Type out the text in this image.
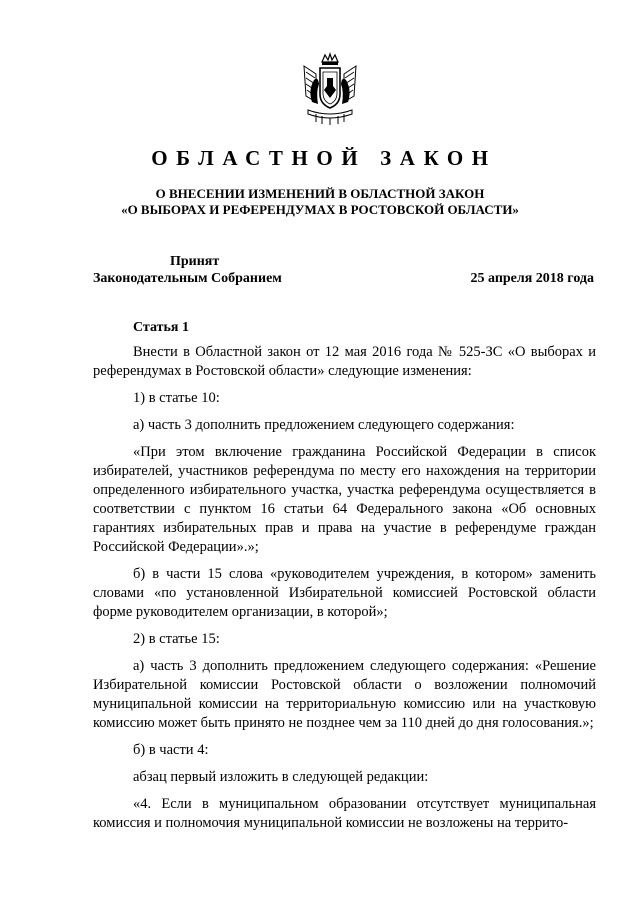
ОБЛАСТНОЙ ЗАКОН
О ВНЕСЕНИИ ИЗМЕНЕНИЙ В ОБЛАСТНОЙ ЗАКОН
«О ВЫБОРАХ И РЕФЕРЕНДУМАХ В РОСТОВСКОЙ ОБЛАСТИ»
Принят
Законодательным Собранием	25 апреля 2018 года
Статья 1

Внести в Областной закон от 12 мая 2016 года № 525-ЗС «О выборах и референдумах в Ростовской области» следующие изменения:

1) в статье 10:

а) часть 3 дополнить предложением следующего содержания:

«При этом включение гражданина Российской Федерации в список избирателей, участников референдума по месту его нахождения на территории определенного избирательного участка, участка референдума осуществляется в соответствии с пунктом 16 статьи 64 Федерального закона «Об основных гарантиях избирательных прав и права на участие в референдуме граждан Российской Федерации».»;

б) в части 15 слова «руководителем учреждения, в котором» заменить словами «по установленной Избирательной комиссией Ростовской области форме руководителем организации, в которой»;

2) в статье 15:

а) часть 3 дополнить предложением следующего содержания: «Решение Избирательной комиссии Ростовской области о возложении полномочий муниципальной комиссии на территориальную комиссию или на участковую комиссию может быть принято не позднее чем за 110 дней до дня голосования.»;

б) в части 4:

абзац первый изложить в следующей редакции:

«4. Если в муниципальном образовании отсутствует муниципальная комиссия и полномочия муниципальной комиссии не возложены на террито-
